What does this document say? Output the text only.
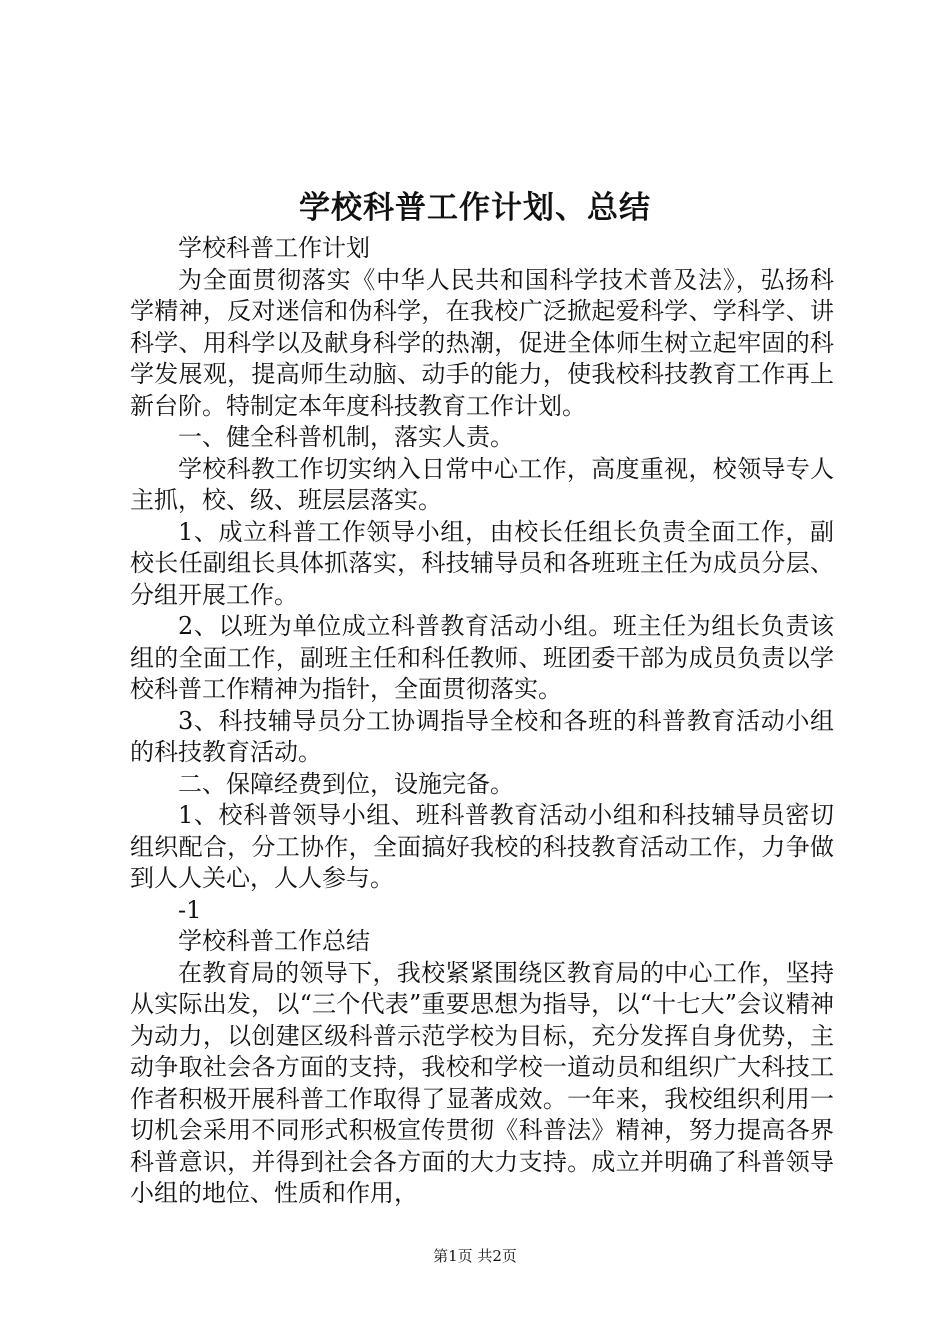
学校科普工作计划、总结

学校科普工作计划

为全面贯彻落实《中华人民共和国科学技术普及法》，弘扬科学精神，反对迷信和伪科学，在我校广泛掀起爱科学、学科学、讲科学、用科学以及献身科学的热潮，促进全体师生树立起牢固的科学发展观，提高师生动脑、动手的能力，使我校科技教育工作再上新台阶。特制定本年度科技教育工作计划。

一、健全科普机制，落实人责。

学校科教工作切实纳入日常中心工作，高度重视，校领导专人主抓，校、级、班层层落实。

1、成立科普工作领导小组，由校长任组长负责全面工作，副校长任副组长具体抓落实，科技辅导员和各班班主任为成员分层、分组开展工作。

2、以班为单位成立科普教育活动小组。班主任为组长负责该组的全面工作，副班主任和科任教师、班团委干部为成员负责以学校科普工作精神为指针，全面贯彻落实。

3、科技辅导员分工协调指导全校和各班的科普教育活动小组的科技教育活动。

二、保障经费到位，设施完备。

1、校科普领导小组、班科普教育活动小组和科技辅导员密切组织配合，分工协作，全面搞好我校的科技教育活动工作，力争做到人人关心，人人参与。

-1

学校科普工作总结

在教育局的领导下，我校紧紧围绕区教育局的中心工作，坚持从实际出发，以“三个代表”重要思想为指导，以“十七大”会议精神为动力，以创建区级科普示范学校为目标，充分发挥自身优势，主动争取社会各方面的支持，我校和学校一道动员和组织广大科技工作者积极开展科普工作取得了显著成效。一年来，我校组织利用一切机会采用不同形式积极宣传贯彻《科普法》精神，努力提高各界科普意识，并得到社会各方面的大力支持。成立并明确了科普领导小组的地位、性质和作用，

第1页 共2页
